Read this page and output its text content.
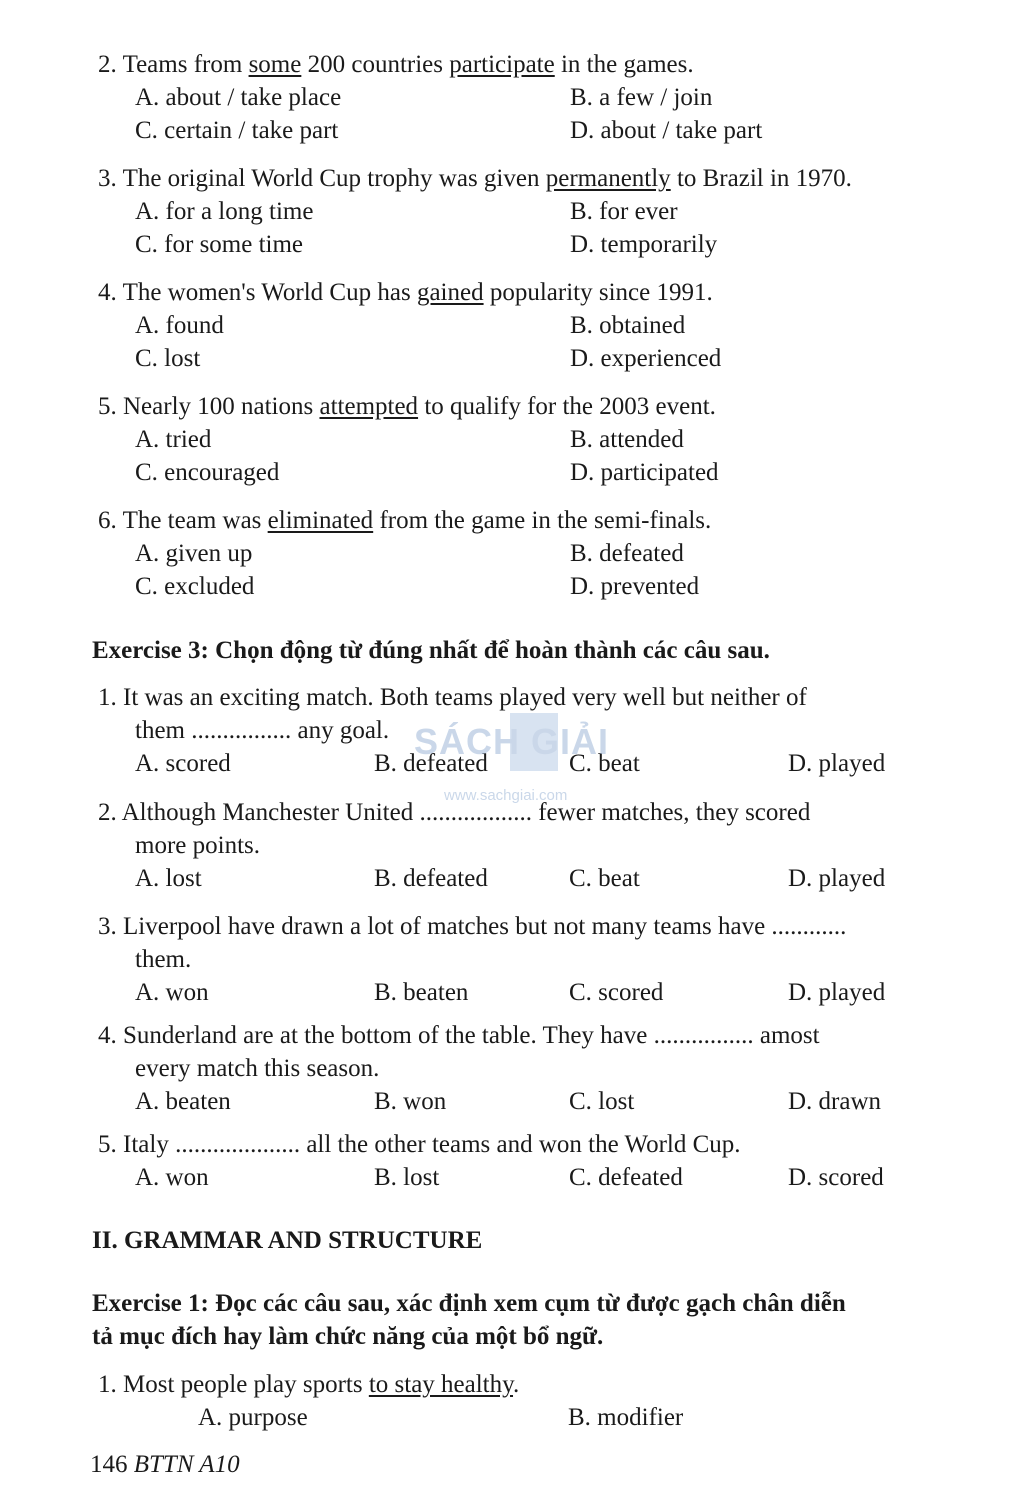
2. Teams from some 200 countries participate in the games.
A. about / take place	B. a few / join
C. certain / take part	D. about / take part
3. The original World Cup trophy was given permanently to Brazil in 1970.
A. for a long time	B. for ever
C. for some time	D. temporarily
4. The women's World Cup has gained popularity since 1991.
A. found	B. obtained
C. lost	D. experienced
5. Nearly 100 nations attempted to qualify for the 2003 event.
A. tried	B. attended
C. encouraged	D. participated
6. The team was eliminated from the game in the semi-finals.
A. given up	B. defeated
C. excluded	D. prevented
Exercise 3: Chọn động từ đúng nhất để hoàn thành các câu sau.
1. It was an exciting match. Both teams played very well but neither of
them ................ any goal.
A. scored	B. defeated	C. beat	D. played
2. Although Manchester United .................. fewer matches, they scored
more points.
A. lost	B. defeated	C. beat	D. played
3. Liverpool have drawn a lot of matches but not many teams have ............
them.
A. won	B. beaten	C. scored	D. played
4. Sunderland are at the bottom of the table. They have ................ amost
every match this season.
A. beaten	B. won	C. lost	D. drawn
5. Italy .................... all the other teams and won the World Cup.
A. won	B. lost	C. defeated	D. scored
II. GRAMMAR AND STRUCTURE
Exercise 1: Đọc các câu sau, xác định xem cụm từ được gạch chân diễn
tả mục đích hay làm chức năng của một bổ ngữ.
1. Most people play sports to stay healthy.
A. purpose	B. modifier
146 BTTN A10
SÁCH GIẢI
www.sachgiai.com
